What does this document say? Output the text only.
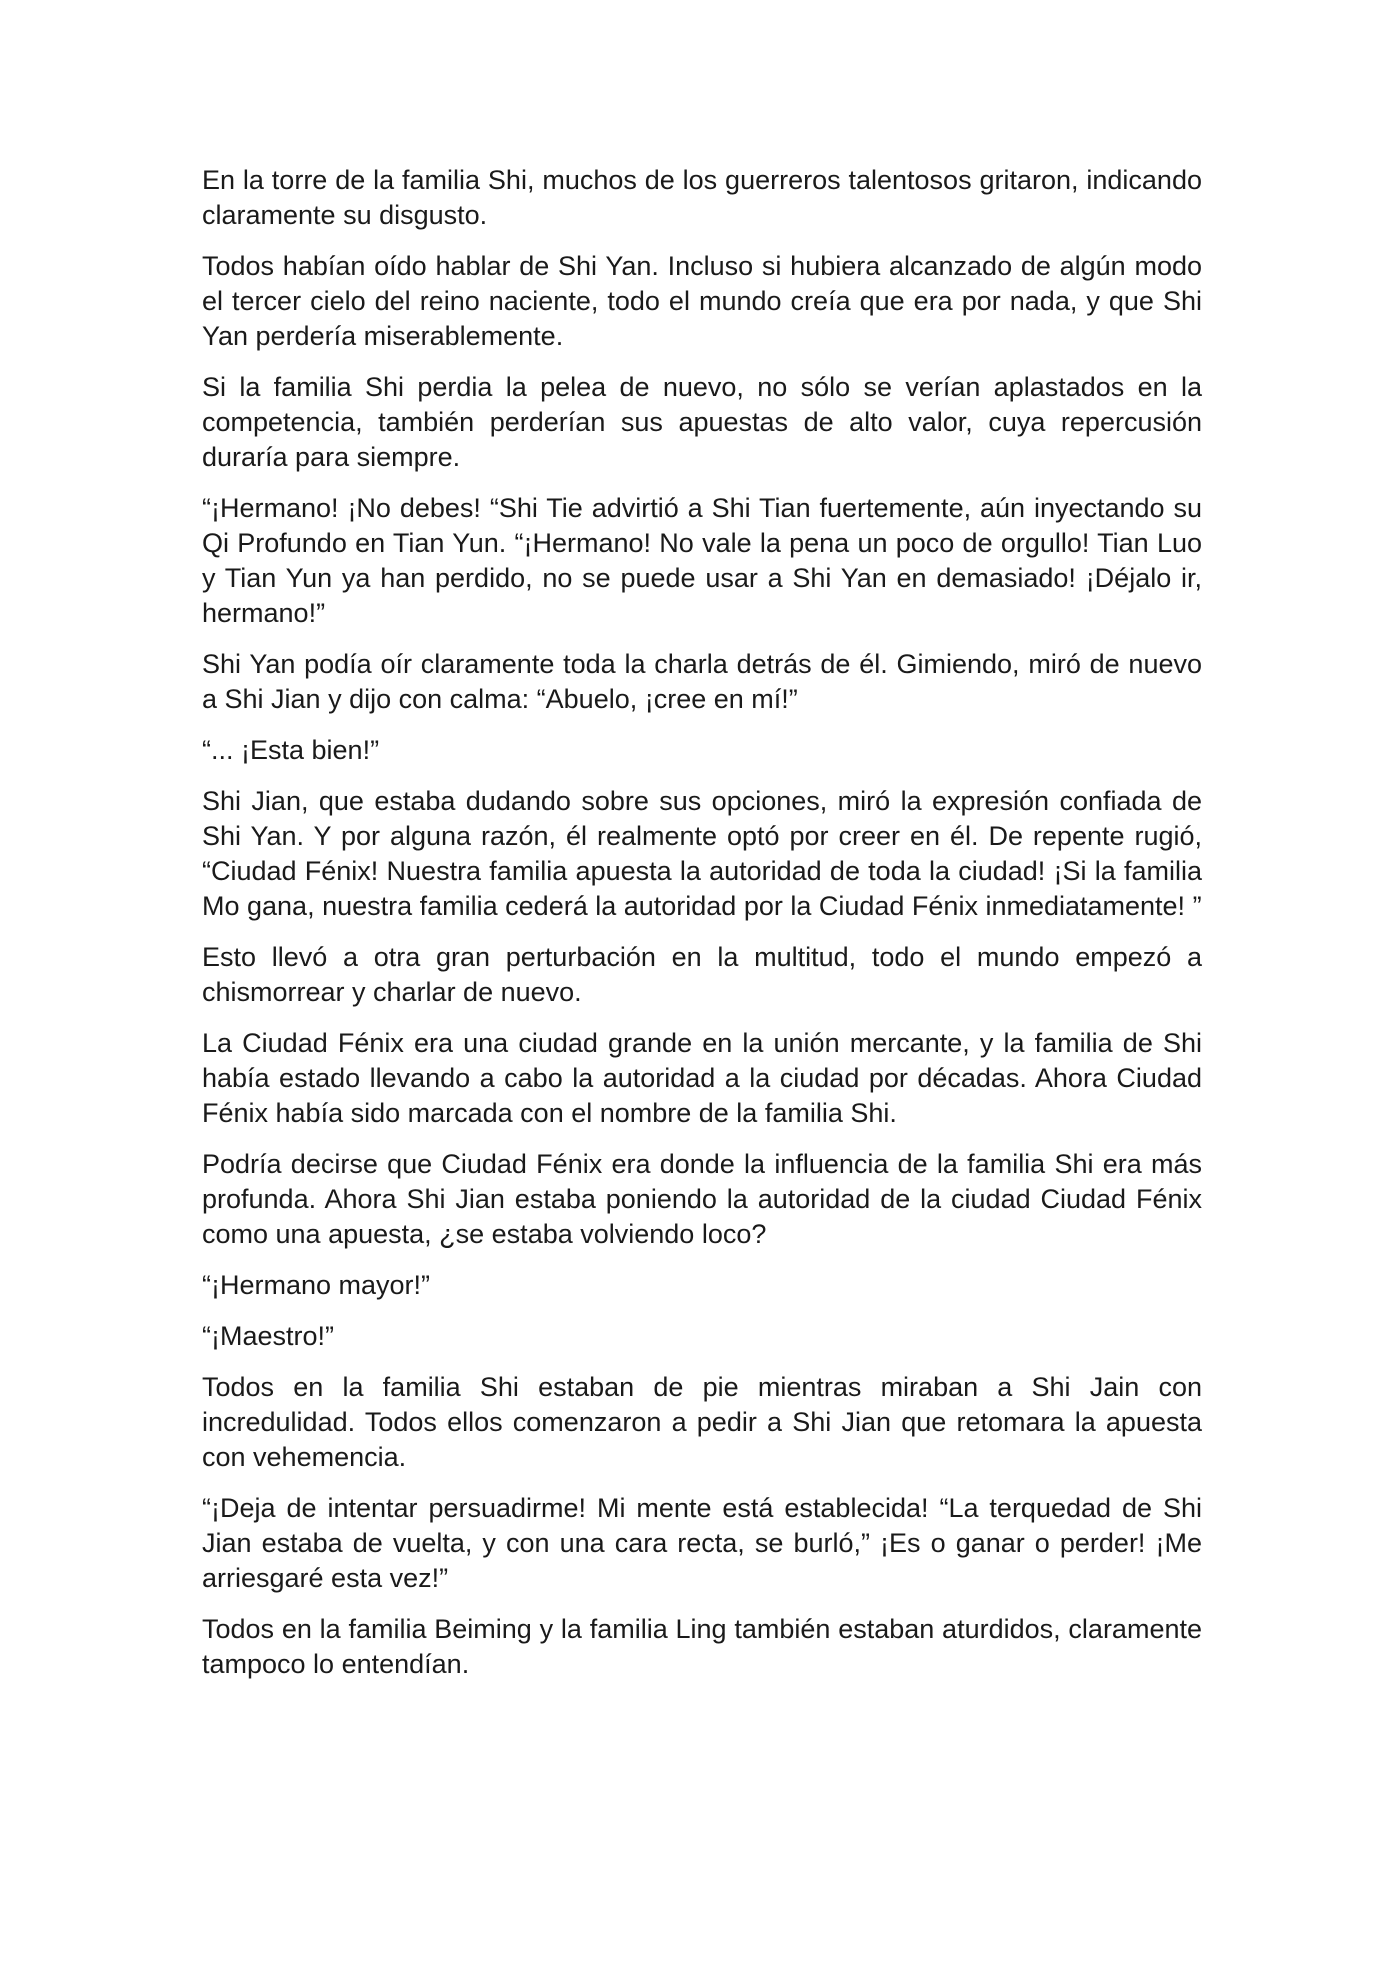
En la torre de la familia Shi, muchos de los guerreros talentosos gritaron, indicando claramente su disgusto.

Todos habían oído hablar de Shi Yan. Incluso si hubiera alcanzado de algún modo el tercer cielo del reino naciente, todo el mundo creía que era por nada, y que Shi Yan perdería miserablemente.

Si la familia Shi perdia la pelea de nuevo, no sólo se verían aplastados en la competencia, también perderían sus apuestas de alto valor, cuya repercusión duraría para siempre.

“¡Hermano! ¡No debes! “Shi Tie advirtió a Shi Tian fuertemente, aún inyectando su Qi Profundo en Tian Yun. “¡Hermano! No vale la pena un poco de orgullo! Tian Luo y Tian Yun ya han perdido, no se puede usar a Shi Yan en demasiado! ¡Déjalo ir, hermano!”

Shi Yan podía oír claramente toda la charla detrás de él. Gimiendo, miró de nuevo a Shi Jian y dijo con calma: “Abuelo, ¡cree en mí!”

“... ¡Esta bien!”

Shi Jian, que estaba dudando sobre sus opciones, miró la expresión confiada de Shi Yan. Y por alguna razón, él realmente optó por creer en él. De repente rugió, “Ciudad Fénix! Nuestra familia apuesta la autoridad de toda la ciudad! ¡Si la familia Mo gana, nuestra familia cederá la autoridad por la Ciudad Fénix inmediatamente! ”

Esto llevó a otra gran perturbación en la multitud, todo el mundo empezó a chismorrear y charlar de nuevo.

La Ciudad Fénix era una ciudad grande en la unión mercante, y la familia de Shi había estado llevando a cabo la autoridad a la ciudad por décadas. Ahora Ciudad Fénix había sido marcada con el nombre de la familia Shi.

Podría decirse que Ciudad Fénix era donde la influencia de la familia Shi era más profunda. Ahora Shi Jian estaba poniendo la autoridad de la ciudad Ciudad Fénix como una apuesta, ¿se estaba volviendo loco?

“¡Hermano mayor!”

“¡Maestro!”

Todos en la familia Shi estaban de pie mientras miraban a Shi Jain con incredulidad. Todos ellos comenzaron a pedir a Shi Jian que retomara la apuesta con vehemencia.

“¡Deja de intentar persuadirme! Mi mente está establecida! “La terquedad de Shi Jian estaba de vuelta, y con una cara recta, se burló,” ¡Es o ganar o perder! ¡Me arriesgaré esta vez!”

Todos en la familia Beiming y la familia Ling también estaban aturdidos, claramente tampoco lo entendían.
